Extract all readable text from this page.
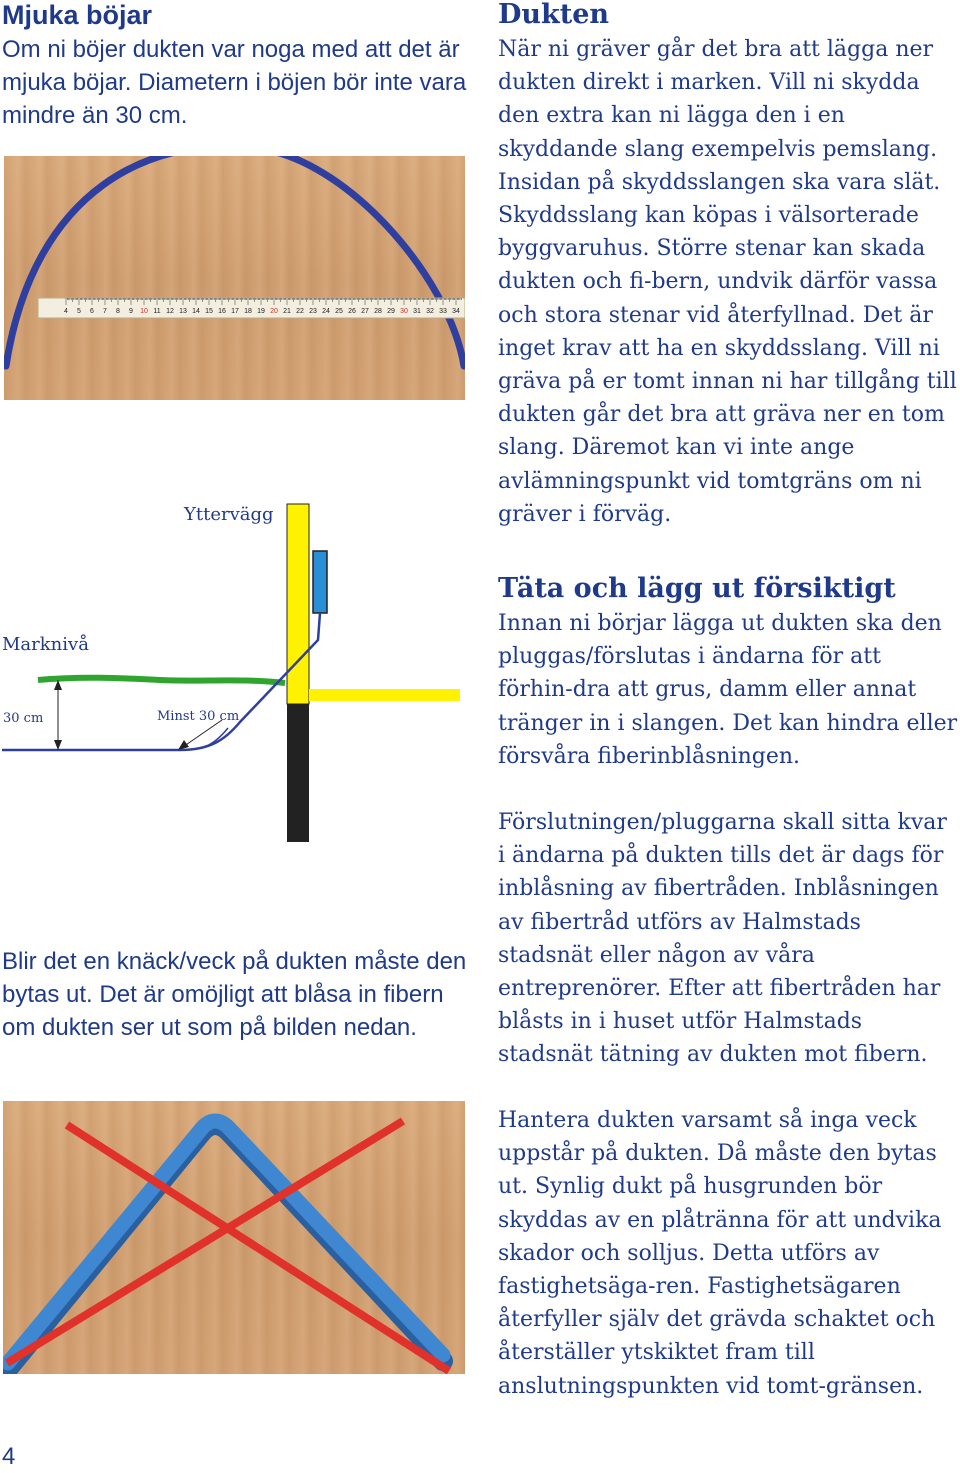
Mjuka böjar

Om ni böjer dukten var noga med att det är mjuka böjar. Diametern i böjen bör inte vara mindre än 30 cm.

4 5 6 7 8 9 10 11 12 13 14 15 16 17 18 19 20 21 22 23 24 25 26 27 28 29 30 31 32 33 34
Yttervägg
Marknivå
30 cm	Minst 30 cm

Blir det en knäck/veck på dukten måste den bytas ut. Det är omöjligt att blåsa in fibern om dukten ser ut som på bilden nedan.

4
Dukten

När ni gräver går det bra att lägga ner dukten direkt i marken. Vill ni skydda den extra kan ni lägga den i en skyddande slang exempelvis pemslang. Insidan på skyddsslangen ska vara slät. Skyddsslang kan köpas i välsorterade byggvaruhus. Större stenar kan skada dukten och fi-bern, undvik därför vassa och stora stenar vid återfyllnad. Det är inget krav att ha en skyddsslang. Vill ni gräva på er tomt innan ni har tillgång till dukten går det bra att gräva ner en tom slang. Däremot kan vi inte ange avlämningspunkt vid tomtgräns om ni gräver i förväg.

Täta och lägg ut försiktigt

Innan ni börjar lägga ut dukten ska den pluggas/förslutas i ändarna för att förhin-dra att grus, damm eller annat tränger in i slangen. Det kan hindra eller försvåra fiberinblåsningen.

Förslutningen/pluggarna skall sitta kvar i ändarna på dukten tills det är dags för inblåsning av fibertråden. Inblåsningen av fibertråd utförs av Halmstads stadsnät eller någon av våra entreprenörer. Efter att fibertråden har blåsts in i huset utför Halmstads stadsnät tätning av dukten mot fibern.

Hantera dukten varsamt så inga veck uppstår på dukten. Då måste den bytas ut. Synlig dukt på husgrunden bör skyddas av en plåtränna för att undvika skador och solljus. Detta utförs av fastighetsäga-ren. Fastighetsägaren återfyller själv det grävda schaktet och återställer ytskiktet fram till anslutningspunkten vid tomt-gränsen.
